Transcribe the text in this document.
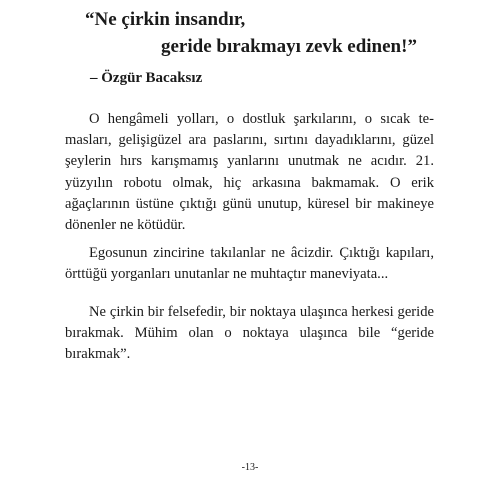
“Ne çirkin insandır,
geride bırakmayı zevk edinen!”

– Özgür Bacaksız

O hengâmeli yolları, o dostluk şarkılarını, o sıcak temasları, gelişigüzel ara paslarını, sırtını dayadıklarını, güzel şeylerin hırs karışmamış yanlarını unutmak ne acıdır. 21. yüzyılın robotu olmak, hiç arkasına bakmamak. O erik ağaçlarının üstüne çıktığı günü unutup, küresel bir makineye dönenler ne kötüdür.

Egosunun zincirine takılanlar ne âcizdir. Çıktığı kapıları, örttüğü yorganları unutanlar ne muhtaçtır maneviyata...

Ne çirkin bir felsefedir, bir noktaya ulaşınca herkesi geride bırakmak. Mühim olan o noktaya ulaşınca bile “geride bırakmak”.

-13-
